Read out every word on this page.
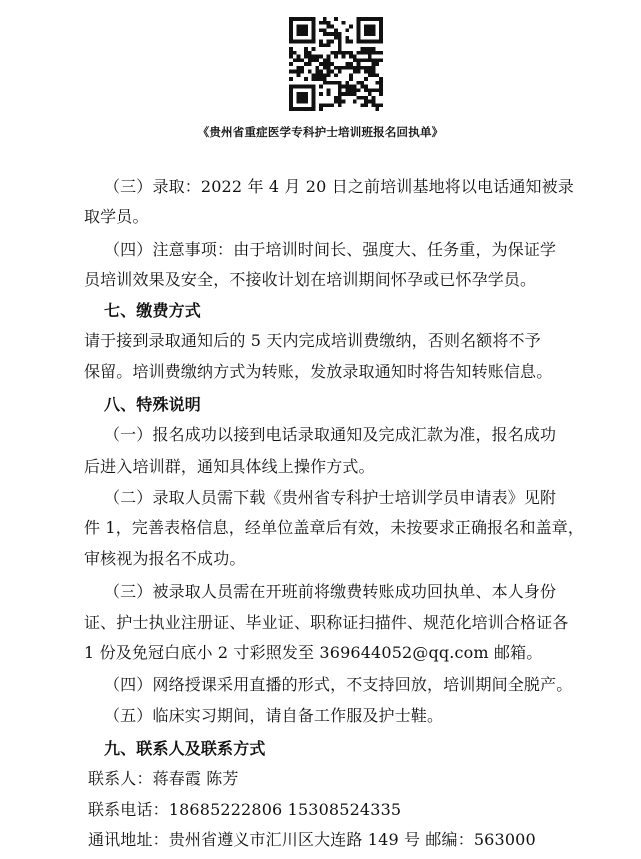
《贵州省重症医学专科护士培训班报名回执单》
（三）录取：2022 年 4 月 20 日之前培训基地将以电话通知被录
取学员。
（四）注意事项：由于培训时间长、强度大、任务重，为保证学
员培训效果及安全，不接收计划在培训期间怀孕或已怀孕学员。
七、缴费方式
请于接到录取通知后的 5 天内完成培训费缴纳，否则名额将不予
保留。培训费缴纳方式为转账，发放录取通知时将告知转账信息。
八、特殊说明
（一）报名成功以接到电话录取通知及完成汇款为准，报名成功
后进入培训群，通知具体线上操作方式。
（二）录取人员需下载《贵州省专科护士培训学员申请表》见附
件 1，完善表格信息，经单位盖章后有效，未按要求正确报名和盖章，
审核视为报名不成功。
（三）被录取人员需在开班前将缴费转账成功回执单、本人身份
证、护士执业注册证、毕业证、职称证扫描件、规范化培训合格证各
1 份及免冠白底小 2 寸彩照发至 369644052@qq.com 邮箱。
（四）网络授课采用直播的形式，不支持回放，培训期间全脱产。
（五）临床实习期间，请自备工作服及护士鞋。
九、联系人及联系方式
联系人：蒋春霞 陈芳
联系电话：18685222806 15308524335
通讯地址：贵州省遵义市汇川区大连路 149 号 邮编：563000
